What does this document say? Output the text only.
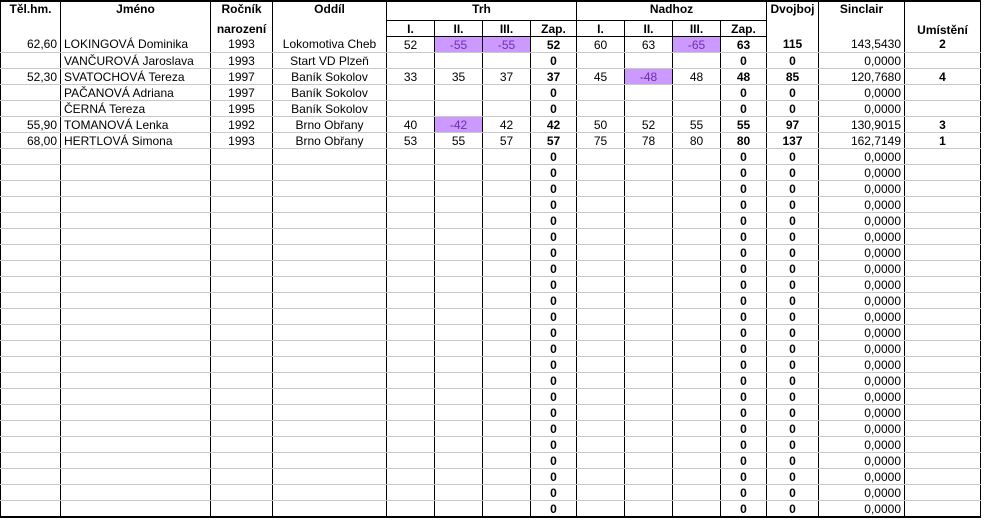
Těl.hm.	Jméno	Ročník	Oddíl	Trh				Nadhoz				Dvojboj	Sinclair	Umístění
		narození		I.	II.	III.	Zap.	I.	II.	III.	Zap.			
62,60	LOKINGOVÁ Dominika	1993	Lokomotiva Cheb	52	-55	-55	52	60	63	-65	63	115	143,5430	2
	VANČUROVÁ Jaroslava	1993	Start VD Plzeň				0				0	0	0,0000	
52,30	SVATOCHOVÁ Tereza	1997	Baník Sokolov	33	35	37	37	45	-48	48	48	85	120,7680	4
	PAČANOVÁ Adriana	1997	Baník Sokolov				0				0	0	0,0000	
	ČERNÁ Tereza	1995	Baník Sokolov				0				0	0	0,0000	
55,90	TOMANOVÁ Lenka	1992	Brno Obřany	40	-42	42	42	50	52	55	55	97	130,9015	3
68,00	HERTLOVÁ Simona	1993	Brno Obřany	53	55	57	57	75	78	80	80	137	162,7149	1
							0				0	0	0,0000	
							0				0	0	0,0000	
							0				0	0	0,0000	
							0				0	0	0,0000	
							0				0	0	0,0000	
							0				0	0	0,0000	
							0				0	0	0,0000	
							0				0	0	0,0000	
							0				0	0	0,0000	
							0				0	0	0,0000	
							0				0	0	0,0000	
							0				0	0	0,0000	
							0				0	0	0,0000	
							0				0	0	0,0000	
							0				0	0	0,0000	
							0				0	0	0,0000	
							0				0	0	0,0000	
							0				0	0	0,0000	
							0				0	0	0,0000	
							0				0	0	0,0000	
							0				0	0	0,0000	
							0				0	0	0,0000	
							0				0	0	0,0000	
